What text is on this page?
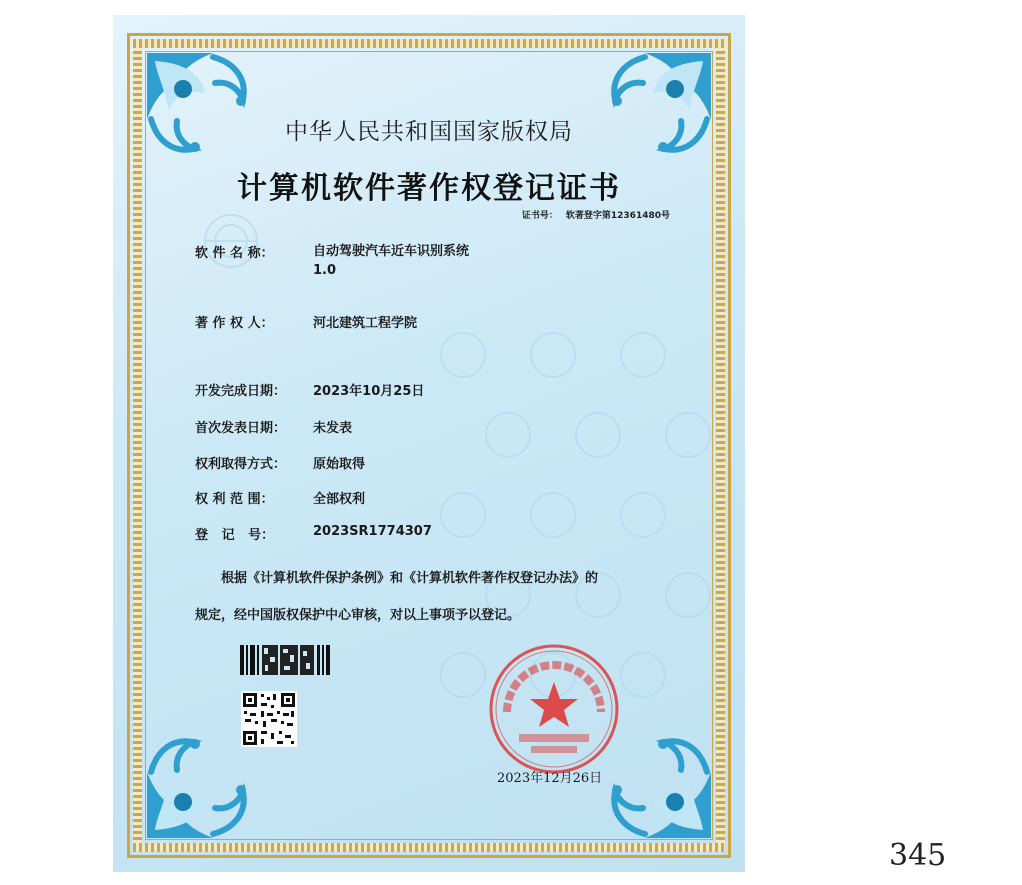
中华人民共和国国家版权局
计算机软件著作权登记证书
证书号： 软著登字第12361480号
软 件 名 称：	自动驾驶汽车近车识别系统
1.0
著 作 权 人：	河北建筑工程学院
开发完成日期： 2023年10月25日
首次发表日期： 未发表
权利取得方式： 原始取得
权 利 范 围：	全部权利
登   记   号：	2023SR1774307
根据《计算机软件保护条例》和《计算机软件著作权登记办法》的
规定，经中国版权保护中心审核，对以上事项予以登记。
2023年12月26日
345
